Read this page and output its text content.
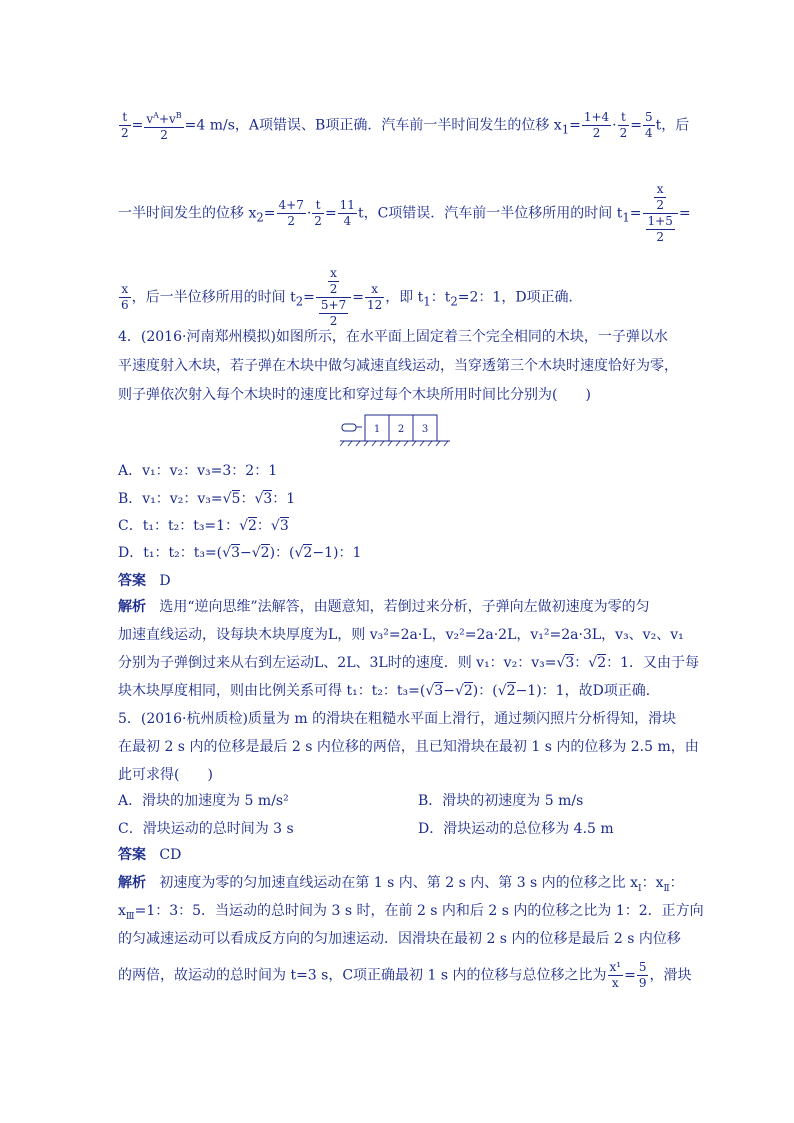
$\frac{t}{2} = \frac{v^A+v^B}{2} =4$ m/s，A项错误、B项正确．汽车前一半时间发生的位移 $x_1= \frac{1+4}{2} \cdot \frac{t}{2} = \frac{5}{4}$ t，后
一半时间发生的位移 $x_2= \frac{4+7}{2} \cdot \frac{t}{2} = \frac{11}{4}$ t，C项错误．汽车前一半位移所用的时间 $t_1= \frac{\frac{x}{2}}{\frac{1+5}{2}}$ =
$\frac{x}{6}$ ，后一半位移所用的时间 $t_2= \frac{\frac{x}{2}}{\frac{5+7}{2}} = \frac{x}{12}$ ，即 $t_1$：$t_2=2$：1，D项正确．
4．(2016·河南郑州模拟)如图所示，在水平面上固定着三个完全相同的木块，一子弹以水
平速度射入木块，若子弹在木块中做匀减速直线运动，当穿透第三个木块时速度恰好为零，
则子弹依次射入每个木块时的速度比和穿过每个木块所用时间比分别为(　　)
1 2 3
A．v₁：v₂：v₃=3：2：1
B．v₁：v₂：v₃=√5：√3：1
C．t₁：t₂：t₃=1：√2：√3
D．t₁：t₂：t₃=(√3−√2)：(√2−1)：1
答案 D
解析 选用“逆向思维”法解答，由题意知，若倒过来分析，子弹向左做初速度为零的匀
加速直线运动，设每块木块厚度为L，则 v₃²=2a·L，v₂²=2a·2L，v₁²=2a·3L，v₃、v₂、v₁
分别为子弹倒过来从右到左运动L、2L、3L时的速度．则 v₁：v₂：v₃=√3：√2：1．又由于每
块木块厚度相同，则由比例关系可得 t₁：t₂：t₃=(√3−√2)：(√2−1)：1，故D项正确．
5．(2016·杭州质检)质量为 m 的滑块在粗糙水平面上滑行，通过频闪照片分析得知，滑块
在最初 2 s 内的位移是最后 2 s 内位移的两倍，且已知滑块在最初 1 s 内的位移为 2.5 m，由
此可求得(　　)
A．滑块的加速度为 5 m/s²	B．滑块的初速度为 5 m/s
C．滑块运动的总时间为 3 s	D．滑块运动的总位移为 4.5 m
答案 CD
解析 初速度为零的匀加速直线运动在第 1 s 内、第 2 s 内、第 3 s 内的位移之比 $x_Ⅰ$：$x_Ⅱ$：
$x_Ⅲ=1$：3：5．当运动的总时间为 3 s 时，在前 2 s 内和后 2 s 内的位移之比为 1：2．正方向
的匀减速运动可以看成反方向的匀加速运动．因滑块在最初 2 s 内的位移是最后 2 s 内位移
的两倍，故运动的总时间为 t=3 s，C项正确最初 1 s 内的位移与总位移之比为 $\frac{\text{x¹}}{x} = \frac{5}{9}$ ，滑块
